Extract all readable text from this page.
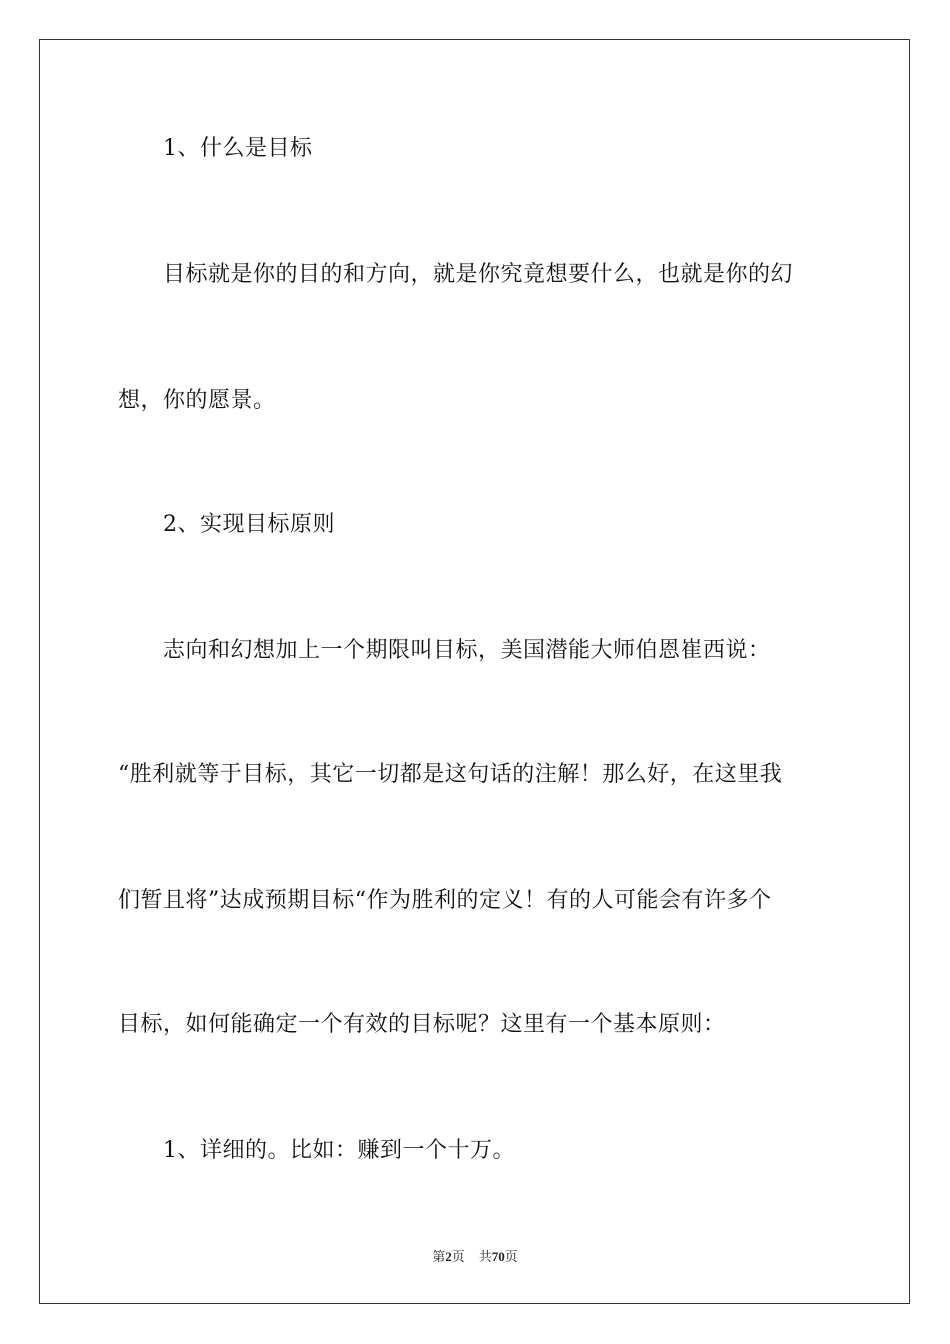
1、什么是目标
目标就是你的目的和方向，就是你究竟想要什么，也就是你的幻
想，你的愿景。
2、实现目标原则
志向和幻想加上一个期限叫目标，美国潜能大师伯恩崔西说：
“胜利就等于目标，其它一切都是这句话的注解！那么好，在这里我
们暂且将”达成预期目标“作为胜利的定义！有的人可能会有许多个
目标，如何能确定一个有效的目标呢？这里有一个基本原则：
1、详细的。比如：赚到一个十万。
第2页 共70页
